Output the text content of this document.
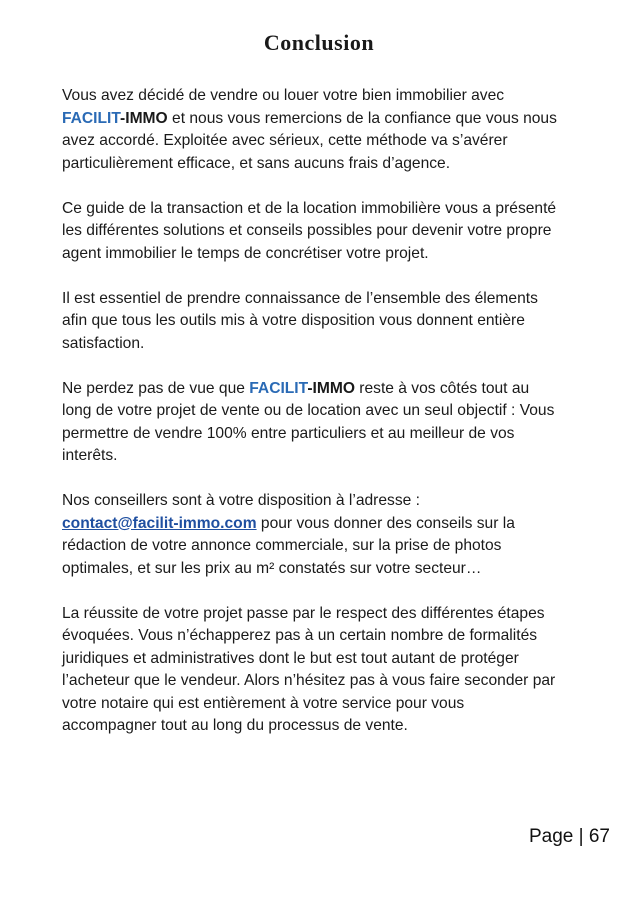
Conclusion

Vous avez décidé de vendre ou louer votre bien immobilier avec
FACILIT-IMMO et nous vous remercions de la confiance que vous nous
avez accordé. Exploitée avec sérieux, cette méthode va s’avérer
particulièrement efficace, et sans aucuns frais d’agence.

Ce guide de la transaction et de la location immobilière vous a présenté
les différentes solutions et conseils possibles pour devenir votre propre
agent immobilier le temps de concrétiser votre projet.

Il est essentiel de prendre connaissance de l’ensemble des élements
afin que tous les outils mis à votre disposition vous donnent entière
satisfaction.

Ne perdez pas de vue que FACILIT-IMMO reste à vos côtés tout au
long de votre projet de vente ou de location avec un seul objectif : Vous
permettre de vendre 100% entre particuliers et au meilleur de vos
interêts.

Nos conseillers sont à votre disposition à l’adresse :
contact@facilit-immo.com pour vous donner des conseils sur la
rédaction de votre annonce commerciale, sur la prise de photos
optimales, et sur les prix au m² constatés sur votre secteur…

La réussite de votre projet passe par le respect des différentes étapes
évoquées. Vous n’échapperez pas à un certain nombre de formalités
juridiques et administratives dont le but est tout autant de protéger
l’acheteur que le vendeur. Alors n’hésitez pas à vous faire seconder par
votre notaire qui est entièrement à votre service pour vous
accompagner tout au long du processus de vente.

Page | 67
